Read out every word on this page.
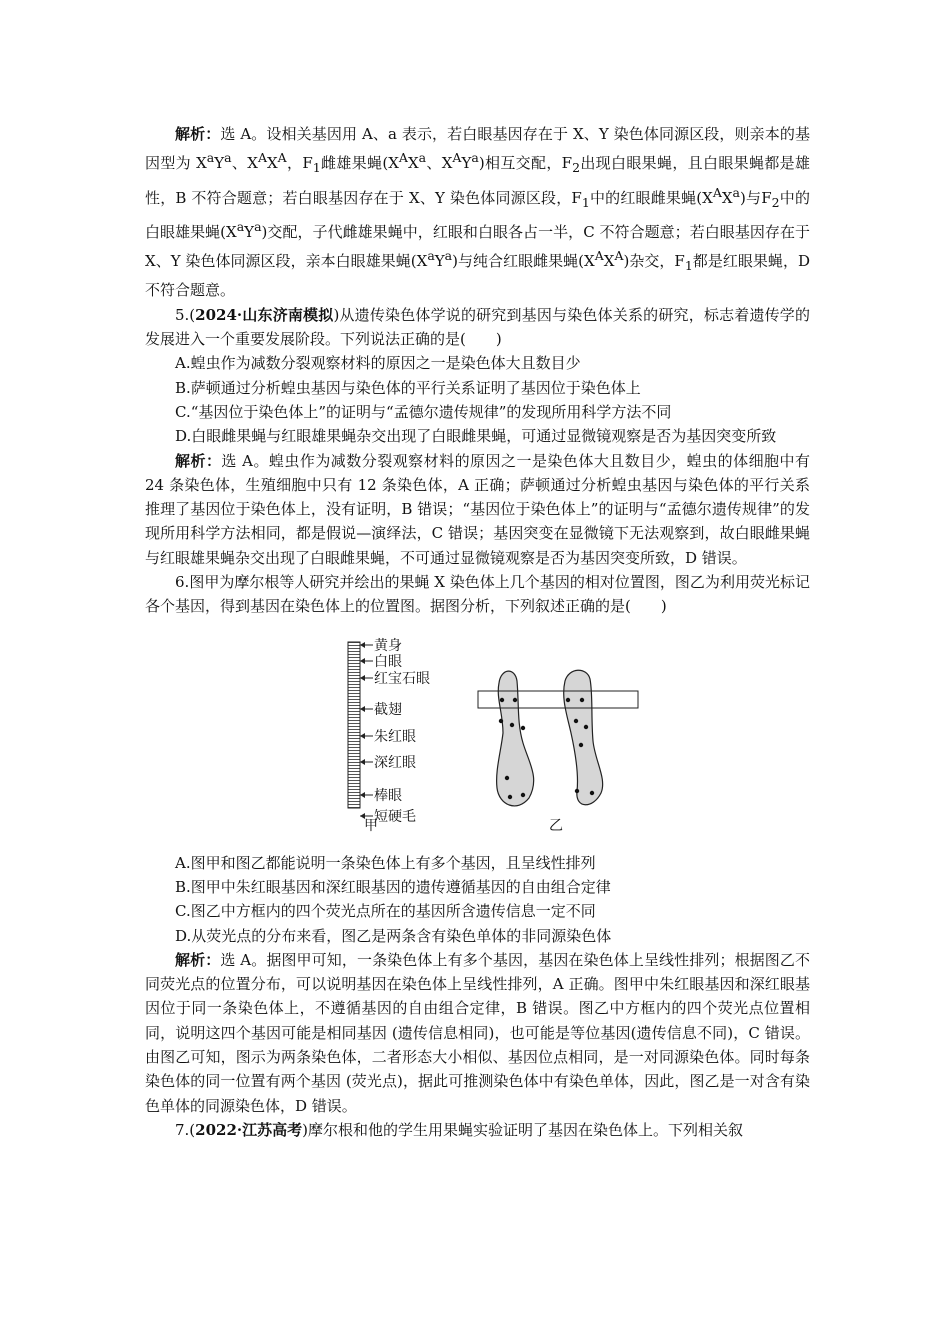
解析：选 A。设相关基因用 A、a 表示，若白眼基因存在于 X、Y 染色体同源区段，则亲本的基因型为 $X^aY^a$、$X^AX^A$，$F_1$雌雄果蝇($X^AX^a$、$X^AY^a$)相互交配，$F_2$出现白眼果蝇，且白眼果蝇都是雄性，B 不符合题意；若白眼基因存在于 X、Y 染色体同源区段，$F_1$中的红眼雌果蝇$(X^AX^a)$与$F_2$中的白眼雄果蝇$(X^aY^a)$交配，子代雌雄果蝇中，红眼和白眼各占一半，C 不符合题意；若白眼基因存在于 X、Y 染色体同源区段，亲本白眼雄果蝇$(X^aY^a)$与纯合红眼雌果蝇$(X^AX^A)$杂交，$F_1$都是红眼果蝇，D 不符合题意。

5.(2024·山东济南模拟)从遗传染色体学说的研究到基因与染色体关系的研究，标志着遗传学的发展进入一个重要发展阶段。下列说法正确的是(　　)

A.蝗虫作为减数分裂观察材料的原因之一是染色体大且数目少

B.萨顿通过分析蝗虫基因与染色体的平行关系证明了基因位于染色体上

C.“基因位于染色体上”的证明与“孟德尔遗传规律”的发现所用科学方法不同

D.白眼雌果蝇与红眼雄果蝇杂交出现了白眼雌果蝇，可通过显微镜观察是否为基因突变所致

解析：选 A。蝗虫作为减数分裂观察材料的原因之一是染色体大且数目少，蝗虫的体细胞中有 24 条染色体，生殖细胞中只有 12 条染色体，A 正确；萨顿通过分析蝗虫基因与染色体的平行关系推理了基因位于染色体上，没有证明，B 错误；“基因位于染色体上”的证明与“孟德尔遗传规律”的发现所用科学方法相同，都是假说—演绎法，C 错误；基因突变在显微镜下无法观察到，故白眼雌果蝇与红眼雄果蝇杂交出现了白眼雌果蝇，不可通过显微镜观察是否为基因突变所致，D 错误。

6.图甲为摩尔根等人研究并绘出的果蝇 X 染色体上几个基因的相对位置图，图乙为利用荧光标记各个基因，得到基因在染色体上的位置图。据图分析，下列叙述正确的是(　　)

黄身
白眼
红宝石眼
截翅
朱红眼
深红眼
棒眼
短硬毛
甲	乙

A.图甲和图乙都能说明一条染色体上有多个基因，且呈线性排列

B.图甲中朱红眼基因和深红眼基因的遗传遵循基因的自由组合定律

C.图乙中方框内的四个荧光点所在的基因所含遗传信息一定不同

D.从荧光点的分布来看，图乙是两条含有染色单体的非同源染色体

解析：选 A。据图甲可知，一条染色体上有多个基因，基因在染色体上呈线性排列；根据图乙不同荧光点的位置分布，可以说明基因在染色体上呈线性排列，A 正确。图甲中朱红眼基因和深红眼基因位于同一条染色体上，不遵循基因的自由组合定律，B 错误。图乙中方框内的四个荧光点位置相同，说明这四个基因可能是相同基因 (遗传信息相同)，也可能是等位基因(遗传信息不同)，C 错误。由图乙可知，图示为两条染色体，二者形态大小相似、基因位点相同，是一对同源染色体。同时每条染色体的同一位置有两个基因 (荧光点)，据此可推测染色体中有染色单体，因此，图乙是一对含有染色单体的同源染色体，D 错误。

7.(2022·江苏高考)摩尔根和他的学生用果蝇实验证明了基因在染色体上。下列相关叙
